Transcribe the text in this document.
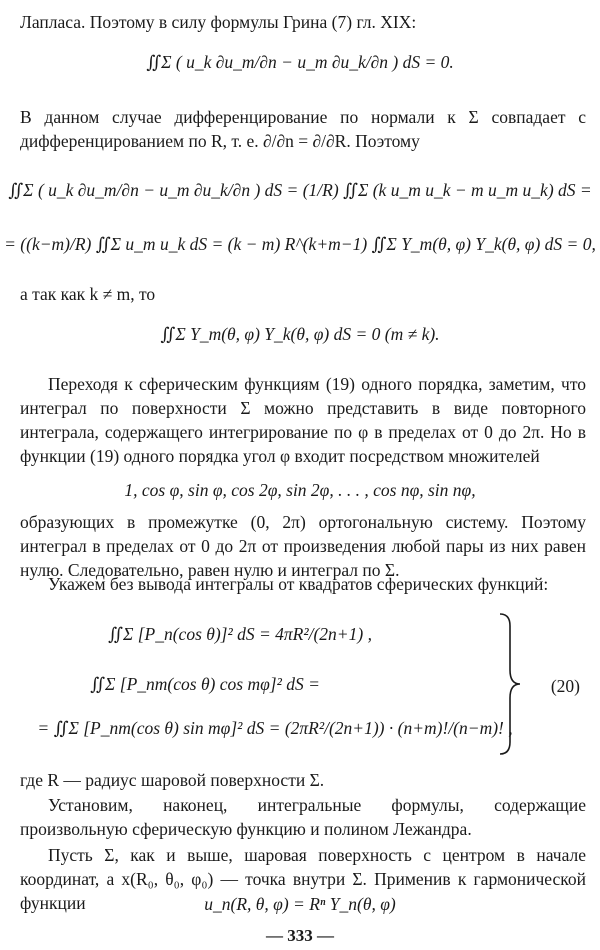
Лапласа. Поэтому в силу формулы Грина (7) гл. XIX:
∬Σ ( u_k ∂u_m/∂n − u_m ∂u_k/∂n ) dS = 0.
В данном случае дифференцирование по нормали к Σ совпадает с дифференцированием по R, т. е. ∂/∂n = ∂/∂R. Поэтому
∬Σ ( u_k ∂u_m/∂n − u_m ∂u_k/∂n ) dS = (1/R) ∬Σ (k u_m u_k − m u_m u_k) dS =
= ((k−m)/R) ∬Σ u_m u_k dS = (k − m) R^(k+m−1) ∬Σ Y_m(θ, φ) Y_k(θ, φ) dS = 0,
а так как k ≠ m, то
∬Σ Y_m(θ, φ) Y_k(θ, φ) dS = 0 (m ≠ k).
Переходя к сферическим функциям (19) одного порядка, заметим, что интеграл по поверхности Σ можно представить в виде повторного интеграла, содержащего интегрирование по φ в пределах от 0 до 2π. Но в функции (19) одного порядка угол φ входит посредством множителей
1, cos φ, sin φ, cos 2φ, sin 2φ, . . . , cos nφ, sin nφ,
образующих в промежутке (0, 2π) ортогональную систему. Поэтому интеграл в пределах от 0 до 2π от произведения любой пары из них равен нулю. Следовательно, равен нулю и интеграл по Σ.
Укажем без вывода интегралы от квадратов сферических функций:
∬Σ [P_n(cos θ)]² dS = 4πR²/(2n+1) ,
∬Σ [P_nm(cos θ) cos mφ]² dS =
= ∬Σ [P_nm(cos θ) sin mφ]² dS = (2πR²/(2n+1)) · (n+m)!/(n−m)! ,
(20)
где R — радиус шаровой поверхности Σ.
Установим, наконец, интегральные формулы, содержащие произвольную сферическую функцию и полином Лежандра.
Пусть Σ, как и выше, шаровая поверхность с центром в начале координат, а x(R₀, θ₀, φ₀) — точка внутри Σ. Применив к гармонической функции	u_n(R, θ, φ) = Rⁿ Y_n(θ, φ)
— 333 —
